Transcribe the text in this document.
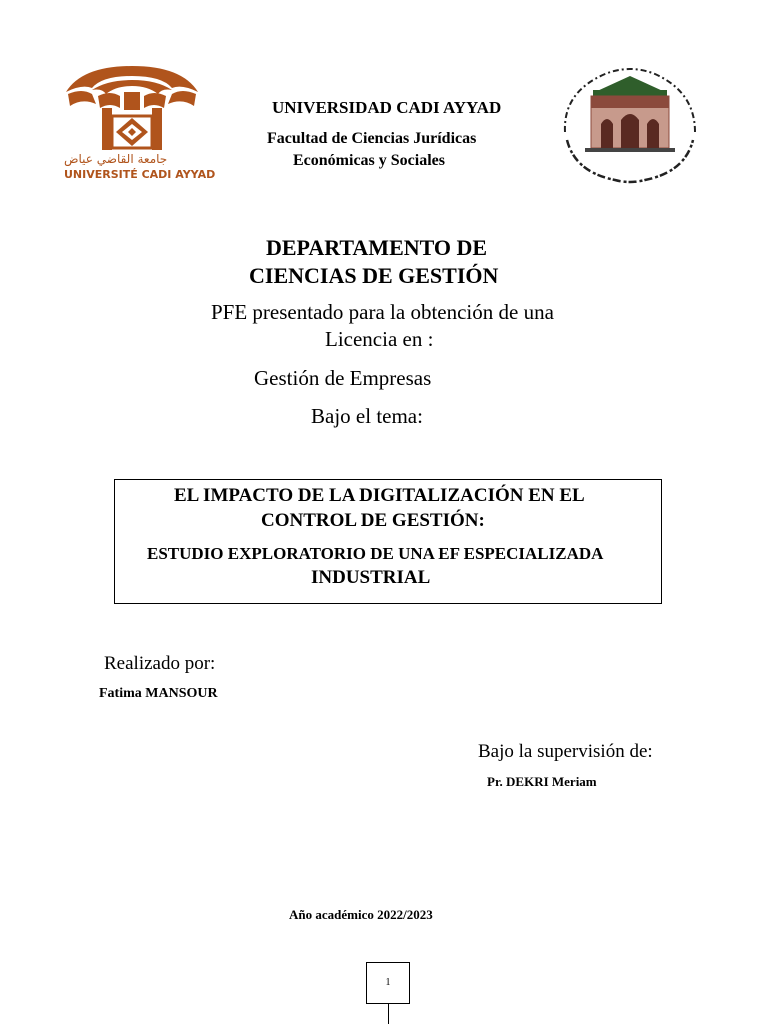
جامعة القاضي عياض
UNIVERSITÉ CADI AYYAD
UNIVERSIDAD CADI AYYAD
Facultad de Ciencias Jurídicas
Económicas y Sociales
DEPARTAMENTO DE
CIENCIAS DE GESTIÓN
PFE presentado para la obtención de una
Licencia en :
Gestión de Empresas
Bajo el tema:
EL IMPACTO DE LA DIGITALIZACIÓN EN EL
CONTROL DE GESTIÓN:
ESTUDIO EXPLORATORIO DE UNA EF ESPECIALIZADA
INDUSTRIAL
Realizado por:
Fatima MANSOUR
Bajo la supervisión de:
Pr. DEKRI Meriam
Año académico 2022/2023
1
